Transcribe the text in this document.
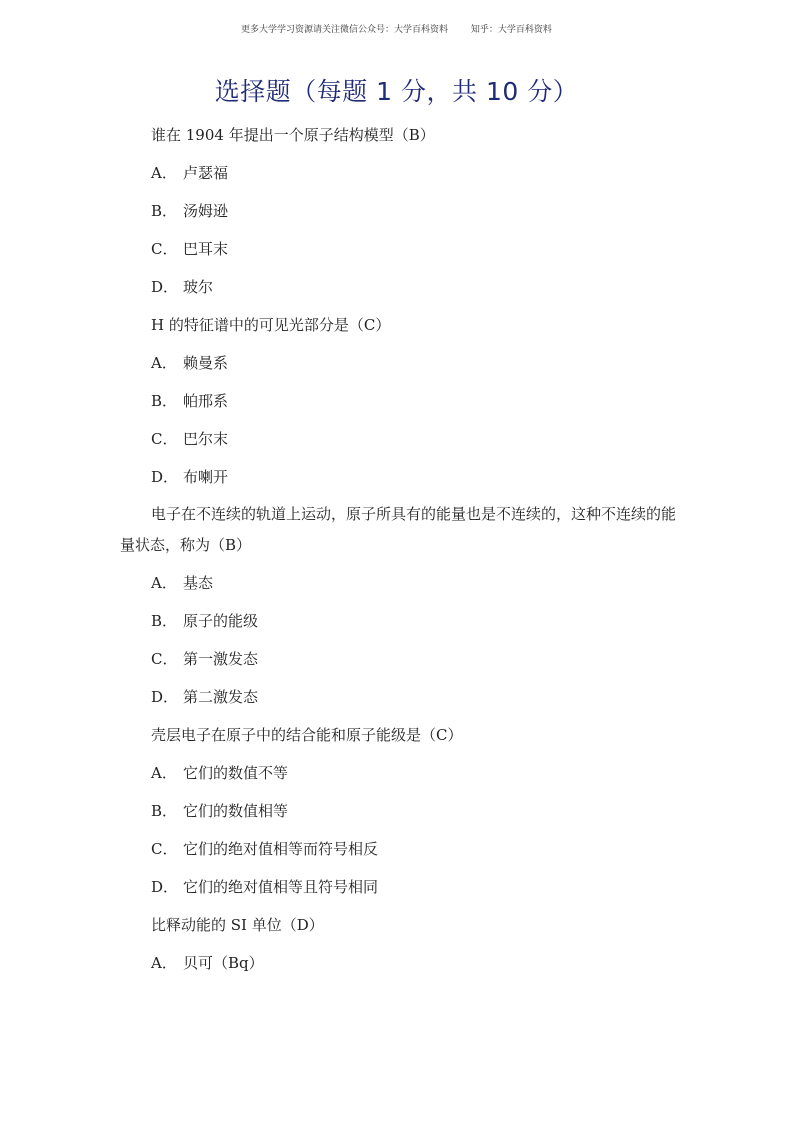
更多大学学习资源请关注微信公众号：大学百科资料        知乎：大学百科资料
选择题（每题 1 分，共 10 分）
谁在 1904 年提出一个原子结构模型（B）
A． 卢瑟福
B． 汤姆逊
C． 巴耳末
D． 玻尔
H 的特征谱中的可见光部分是（C）
A． 赖曼系
B． 帕邢系
C． 巴尔末
D． 布喇开
电子在不连续的轨道上运动，原子所具有的能量也是不连续的，这种不连续的能量状态，称为（B）
A． 基态
B． 原子的能级
C． 第一激发态
D． 第二激发态
壳层电子在原子中的结合能和原子能级是（C）
A． 它们的数值不等
B． 它们的数值相等
C． 它们的绝对值相等而符号相反
D． 它们的绝对值相等且符号相同
比释动能的 SI 单位（D）
A． 贝可（Bq）
